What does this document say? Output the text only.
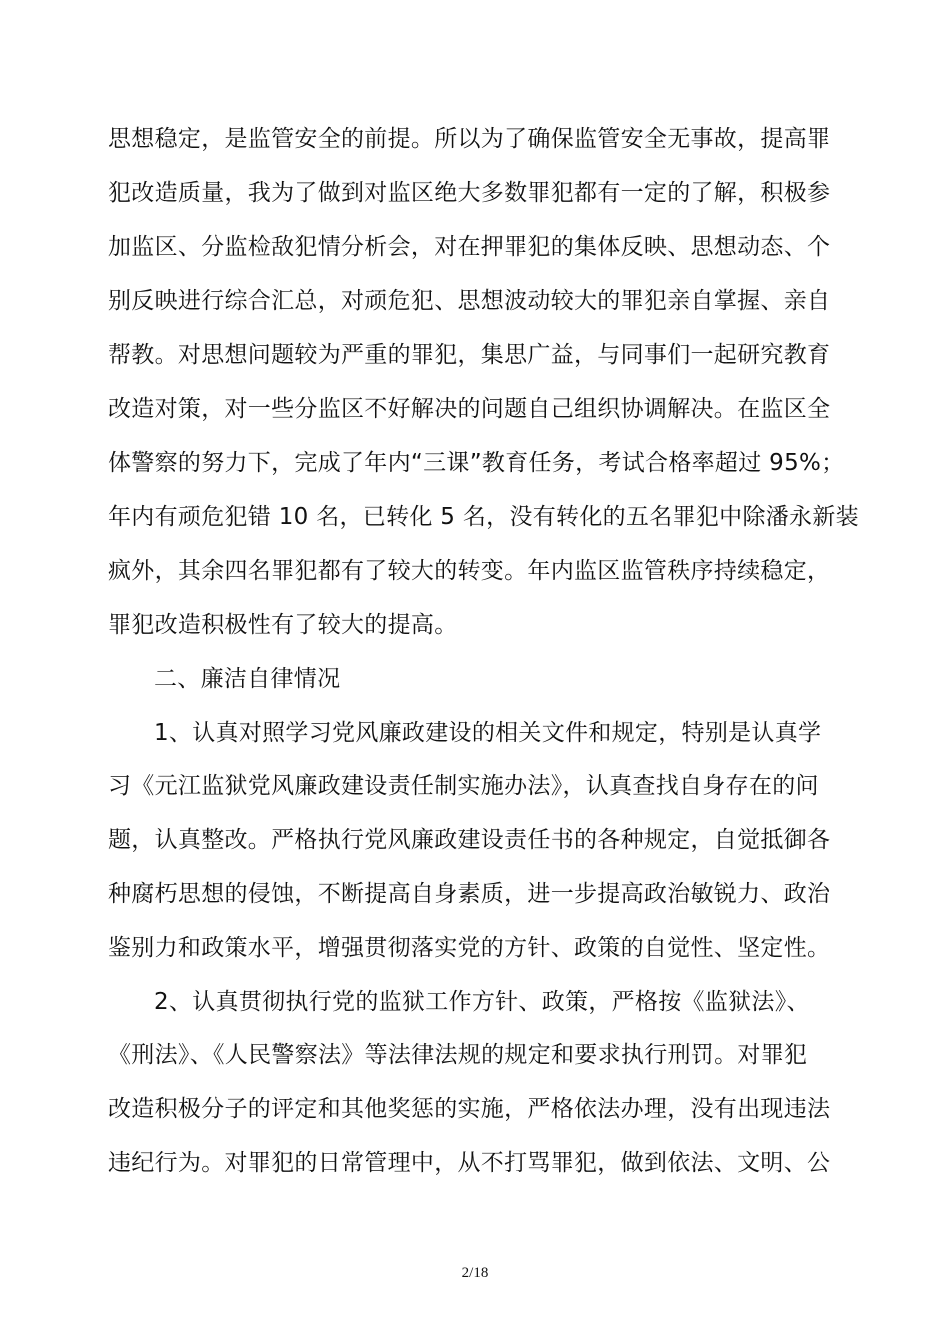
思想稳定，是监管安全的前提。所以为了确保监管安全无事故，提高罪
犯改造质量，我为了做到对监区绝大多数罪犯都有一定的了解，积极参
加监区、分监检敌犯情分析会，对在押罪犯的集体反映、思想动态、个
别反映进行综合汇总，对顽危犯、思想波动较大的罪犯亲自掌握、亲自
帮教。对思想问题较为严重的罪犯，集思广益，与同事们一起研究教育
改造对策，对一些分监区不好解决的问题自己组织协调解决。在监区全
体警察的努力下，完成了年内“三课”教育任务，考试合格率超过 95%；
年内有顽危犯错 10 名，已转化 5 名，没有转化的五名罪犯中除潘永新装
疯外，其余四名罪犯都有了较大的转变。年内监区监管秩序持续稳定，
罪犯改造积极性有了较大的提高。
二、廉洁自律情况
1、认真对照学习党风廉政建设的相关文件和规定，特别是认真学
习《元江监狱党风廉政建设责任制实施办法》，认真查找自身存在的问
题，认真整改。严格执行党风廉政建设责任书的各种规定，自觉抵御各
种腐朽思想的侵蚀，不断提高自身素质，进一步提高政治敏锐力、政治
鉴别力和政策水平，增强贯彻落实党的方针、政策的自觉性、坚定性。
2、认真贯彻执行党的监狱工作方针、政策，严格按《监狱法》、
《刑法》、《人民警察法》等法律法规的规定和要求执行刑罚。对罪犯
改造积极分子的评定和其他奖惩的实施，严格依法办理，没有出现违法
违纪行为。对罪犯的日常管理中，从不打骂罪犯，做到依法、文明、公
2/18
